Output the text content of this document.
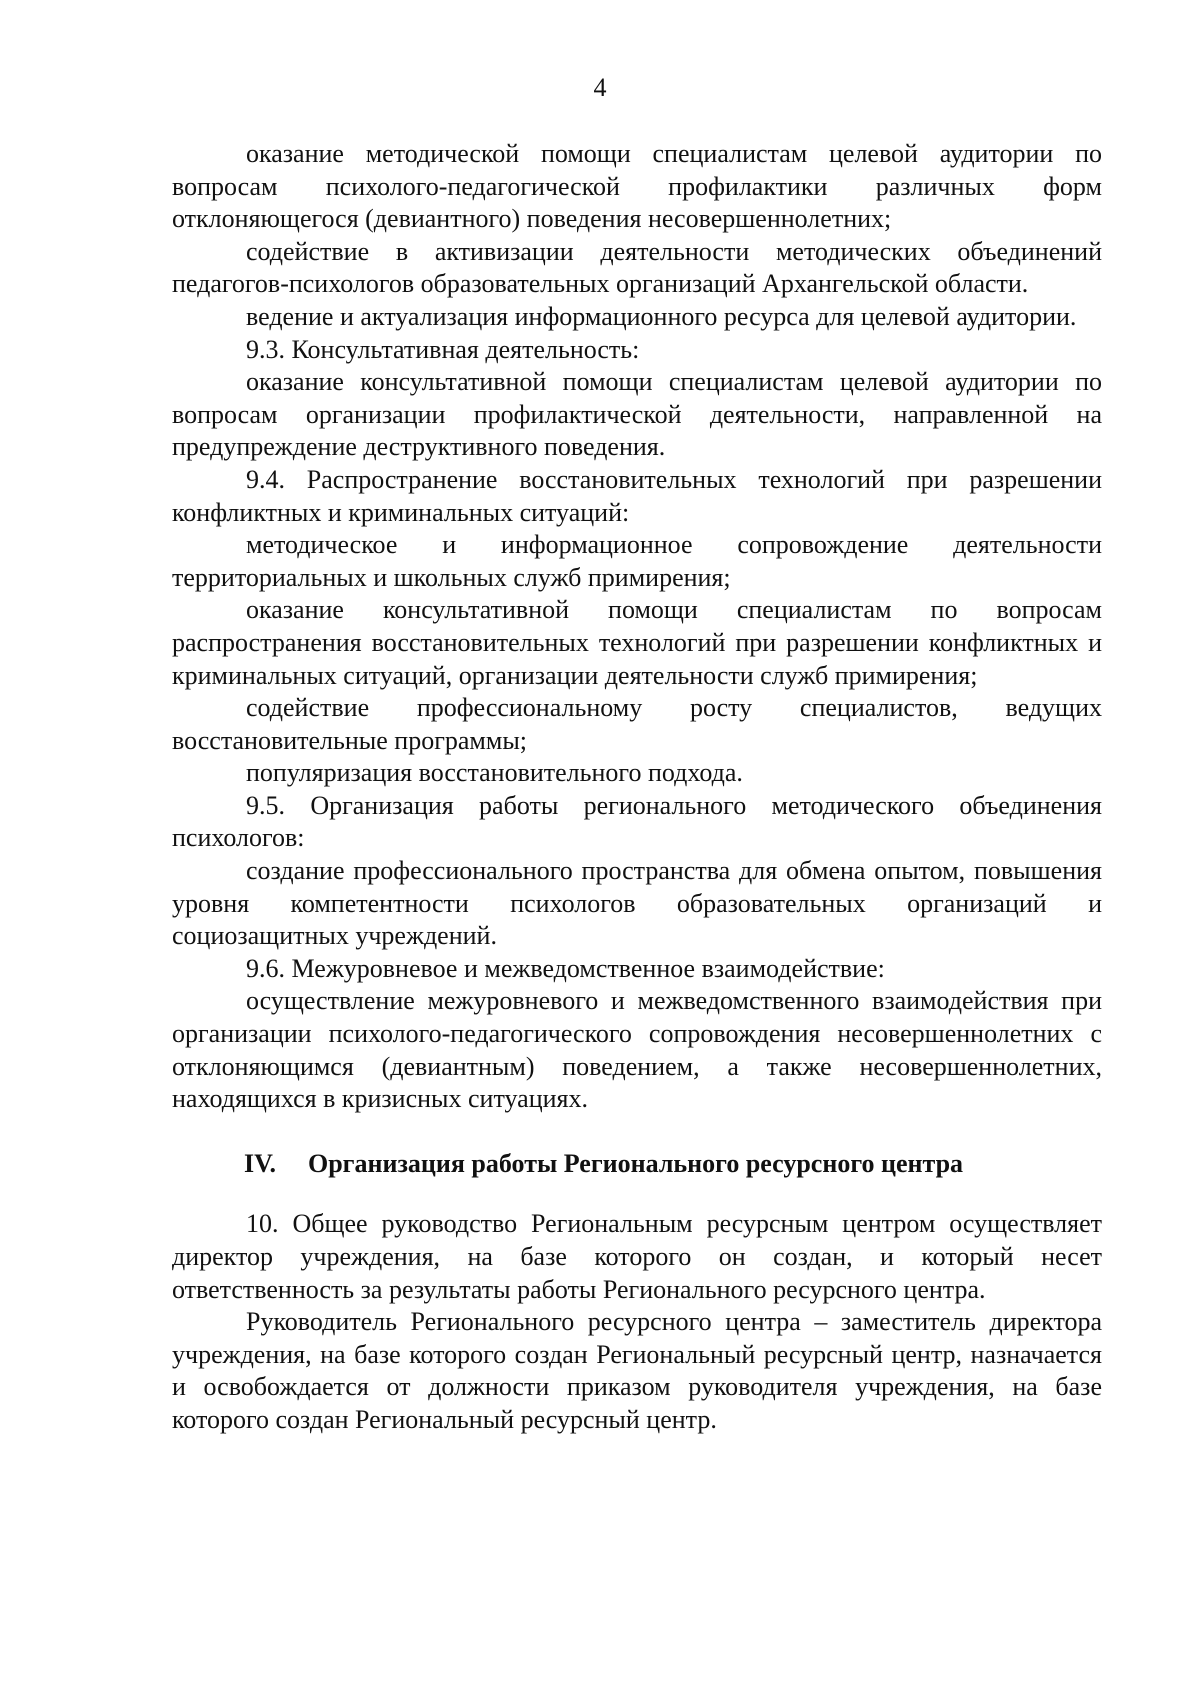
4

оказание методической помощи специалистам целевой аудитории по вопросам психолого-педагогической профилактики различных форм отклоняющегося (девиантного) поведения несовершеннолетних;

содействие в активизации деятельности методических объединений педагогов-психологов образовательных организаций Архангельской области.

ведение и актуализация информационного ресурса для целевой аудитории.

9.3. Консультативная деятельность:

оказание консультативной помощи специалистам целевой аудитории по вопросам организации профилактической деятельности, направленной на предупреждение деструктивного поведения.

9.4. Распространение восстановительных технологий при разрешении конфликтных и криминальных ситуаций:

методическое и информационное сопровождение деятельности территориальных и школьных служб примирения;

оказание консультативной помощи специалистам по вопросам распространения восстановительных технологий при разрешении конфликтных и криминальных ситуаций, организации деятельности служб примирения;

содействие профессиональному росту специалистов, ведущих восстановительные программы;

популяризация восстановительного подхода.

9.5. Организация работы регионального методического объединения психологов:

создание профессионального пространства для обмена опытом, повышения уровня компетентности психологов образовательных организаций и социозащитных учреждений.

9.6. Межуровневое и межведомственное взаимодействие:

осуществление межуровневого и межведомственного взаимодействия при организации психолого-педагогического сопровождения несовершеннолетних с отклоняющимся (девиантным) поведением, а также несовершеннолетних, находящихся в кризисных ситуациях.

IV. Организация работы Регионального ресурсного центра

10. Общее руководство Региональным ресурсным центром осуществляет директор учреждения, на базе которого он создан, и который несет ответственность за результаты работы Регионального ресурсного центра.

Руководитель Регионального ресурсного центра – заместитель директора учреждения, на базе которого создан Региональный ресурсный центр, назначается и освобождается от должности приказом руководителя учреждения, на базе которого создан Региональный ресурсный центр.
